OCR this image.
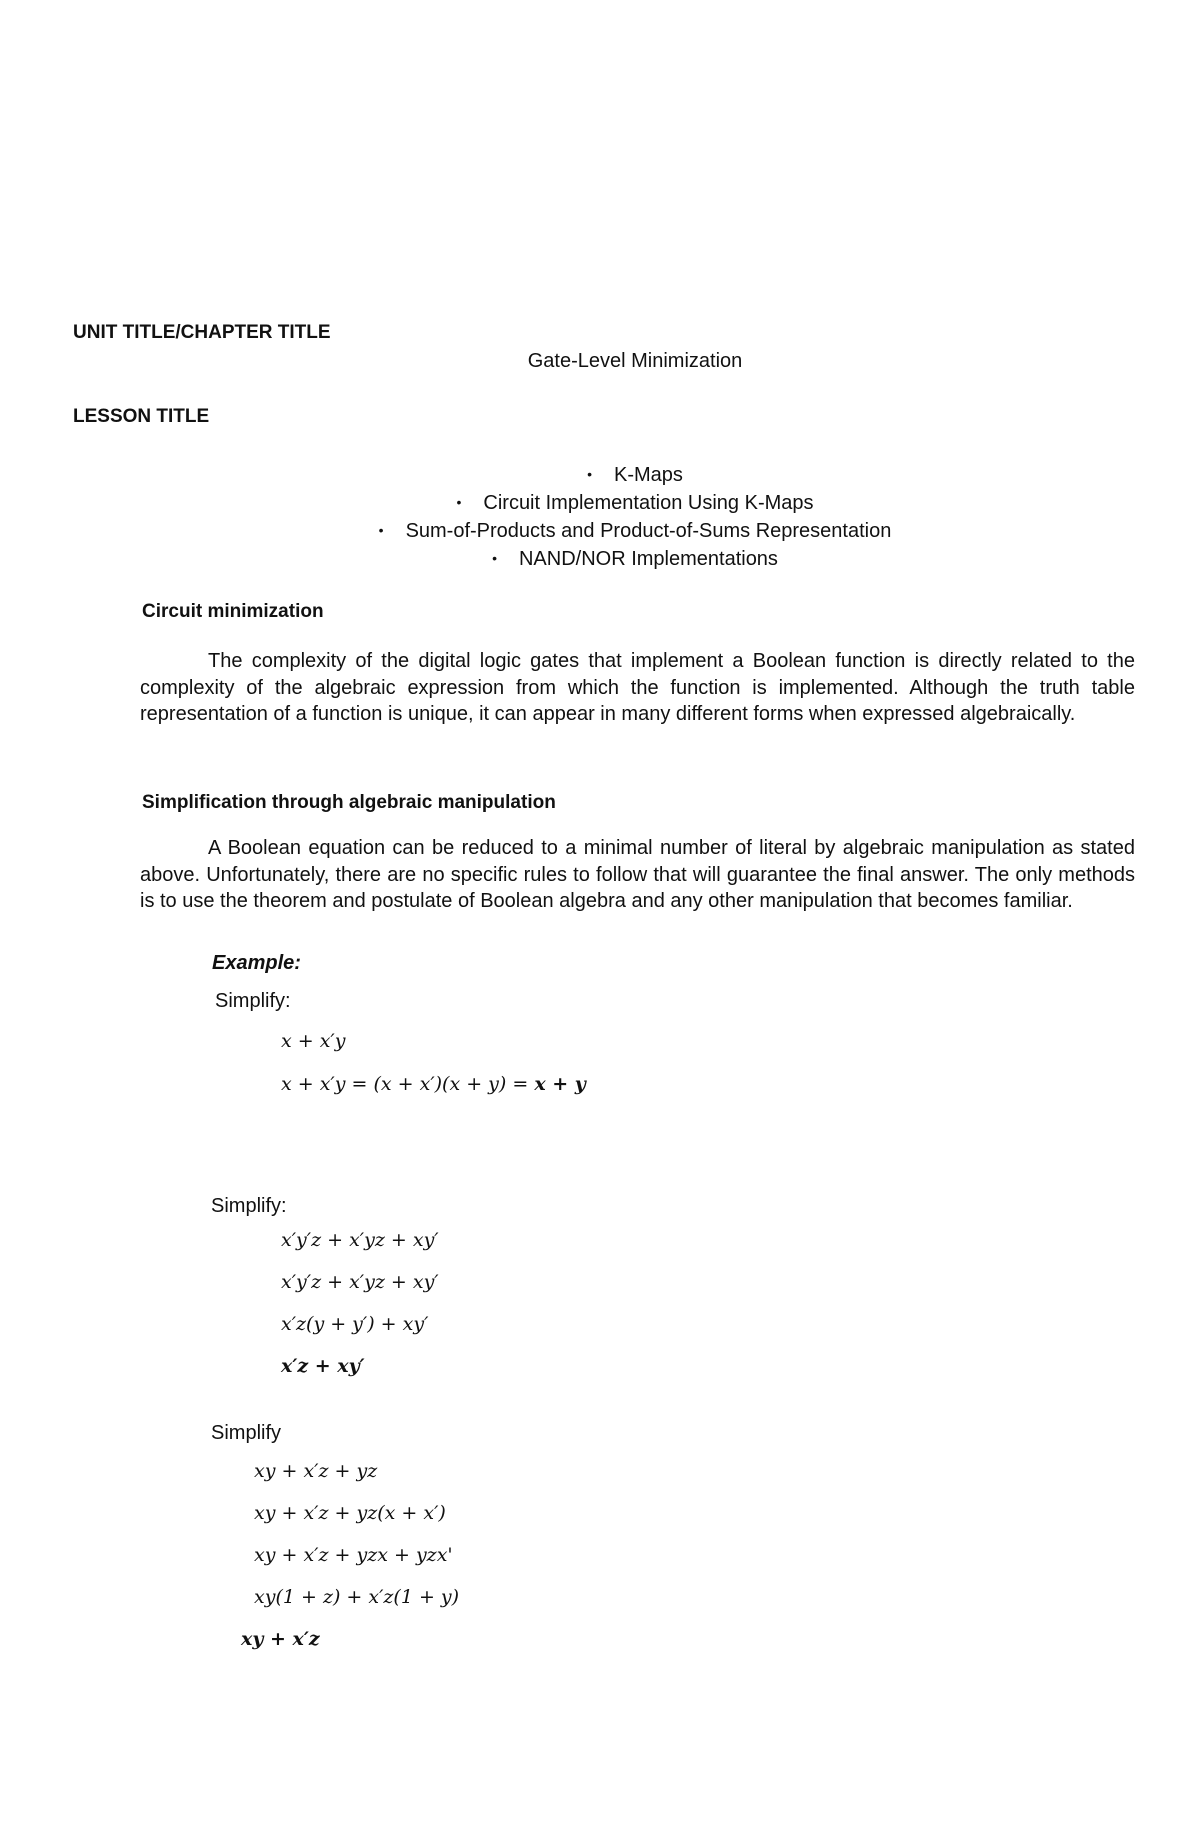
UNIT TITLE/CHAPTER TITLE
Gate-Level Minimization
LESSON TITLE
• K-Maps
• Circuit Implementation Using K-Maps
• Sum-of-Products and Product-of-Sums Representation
• NAND/NOR Implementations
Circuit minimization

The complexity of the digital logic gates that implement a Boolean function is directly related to the complexity of the algebraic expression from which the function is implemented. Although the truth table representation of a function is unique, it can appear in many different forms when expressed algebraically.

Simplification through algebraic manipulation

A Boolean equation can be reduced to a minimal number of literal by algebraic manipulation as stated above. Unfortunately, there are no specific rules to follow that will guarantee the final answer. The only methods is to use the theorem and postulate of Boolean algebra and any other manipulation that becomes familiar.

Example:
Simplify:
x + x′y
x + x′y = (x + x′)(x + y) = x + y
Simplify:
x′y′z + x′yz + xy′
x′y′z + x′yz + xy′
x′z(y + y′) + xy′
x′z + xy′
Simplify
xy + x′z + yz
xy + x′z + yz(x + x′)
xy + x′z + yzx + yzx'
xy(1 + z) + x′z(1 + y)
xy + x′z
